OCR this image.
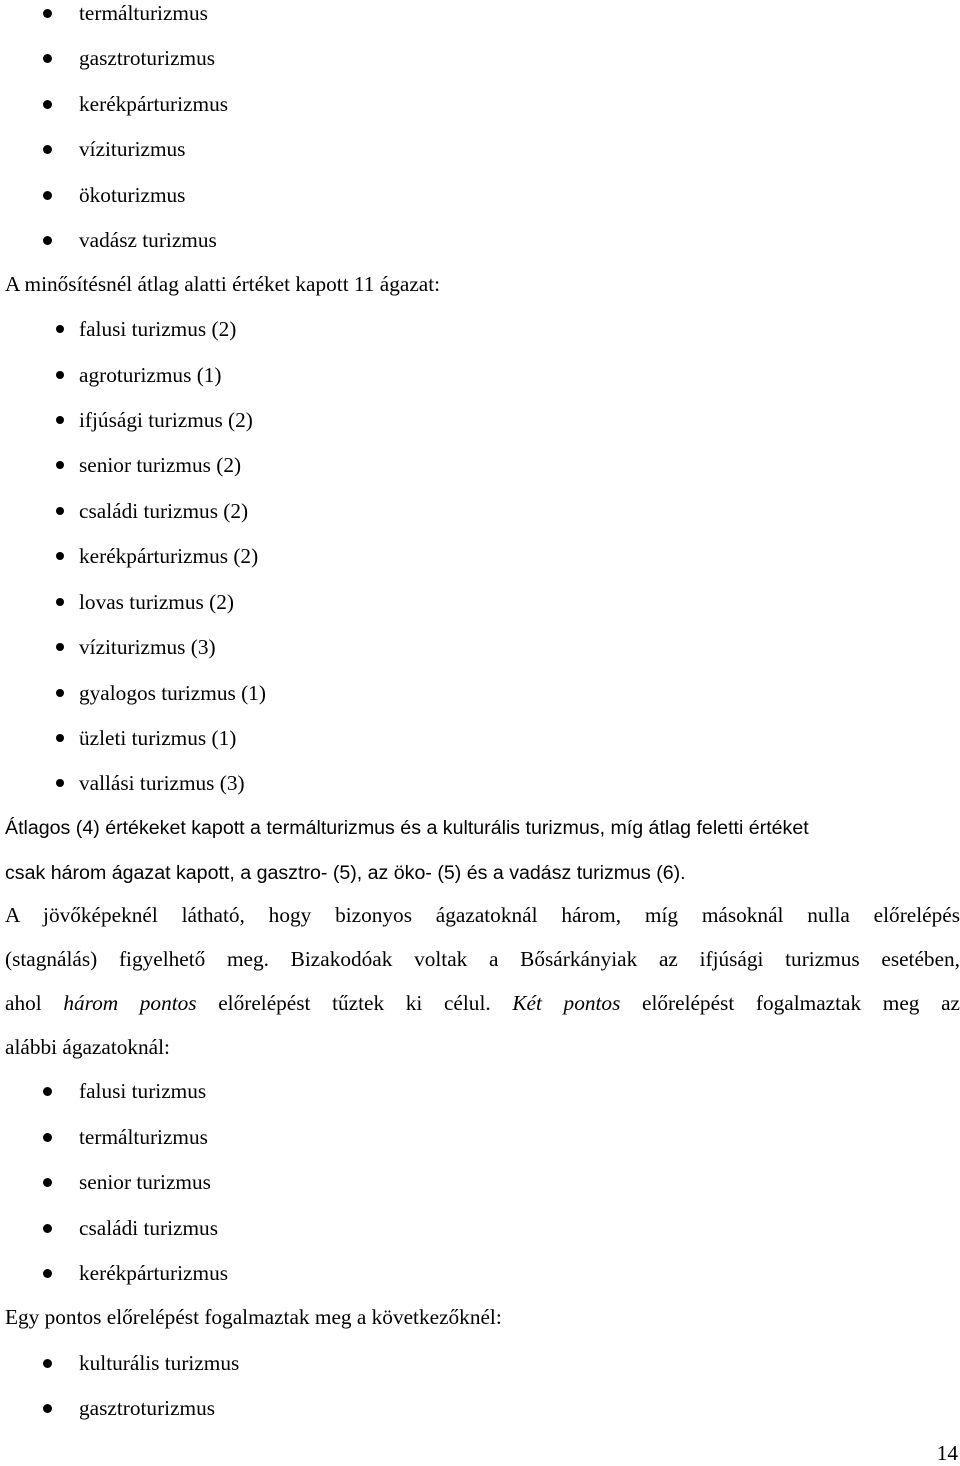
termálturizmus
gasztroturizmus
kerékpárturizmus
víziturizmus
ökoturizmus
vadász turizmus
A minősítésnél átlag alatti értéket kapott 11 ágazat:
falusi turizmus (2)
agroturizmus (1)
ifjúsági turizmus (2)
senior turizmus (2)
családi turizmus (2)
kerékpárturizmus (2)
lovas turizmus (2)
víziturizmus (3)
gyalogos turizmus (1)
üzleti turizmus (1)
vallási turizmus (3)
Átlagos (4) értékeket kapott a termálturizmus és a kulturális turizmus, míg átlag feletti értéket
csak három ágazat kapott, a gasztro- (5), az öko- (5) és a vadász turizmus (6).
A jövőképeknél látható, hogy bizonyos ágazatoknál három, míg másoknál nulla előrelépés
(stagnálás) figyelhető meg. Bizakodóak voltak a Bősárkányiak az ifjúsági turizmus esetében,
ahol három pontos előrelépést tűztek ki célul. Két pontos előrelépést fogalmaztak meg az
alábbi ágazatoknál:
falusi turizmus
termálturizmus
senior turizmus
családi turizmus
kerékpárturizmus
Egy pontos előrelépést fogalmaztak meg a következőknél:
kulturális turizmus
gasztroturizmus
14
